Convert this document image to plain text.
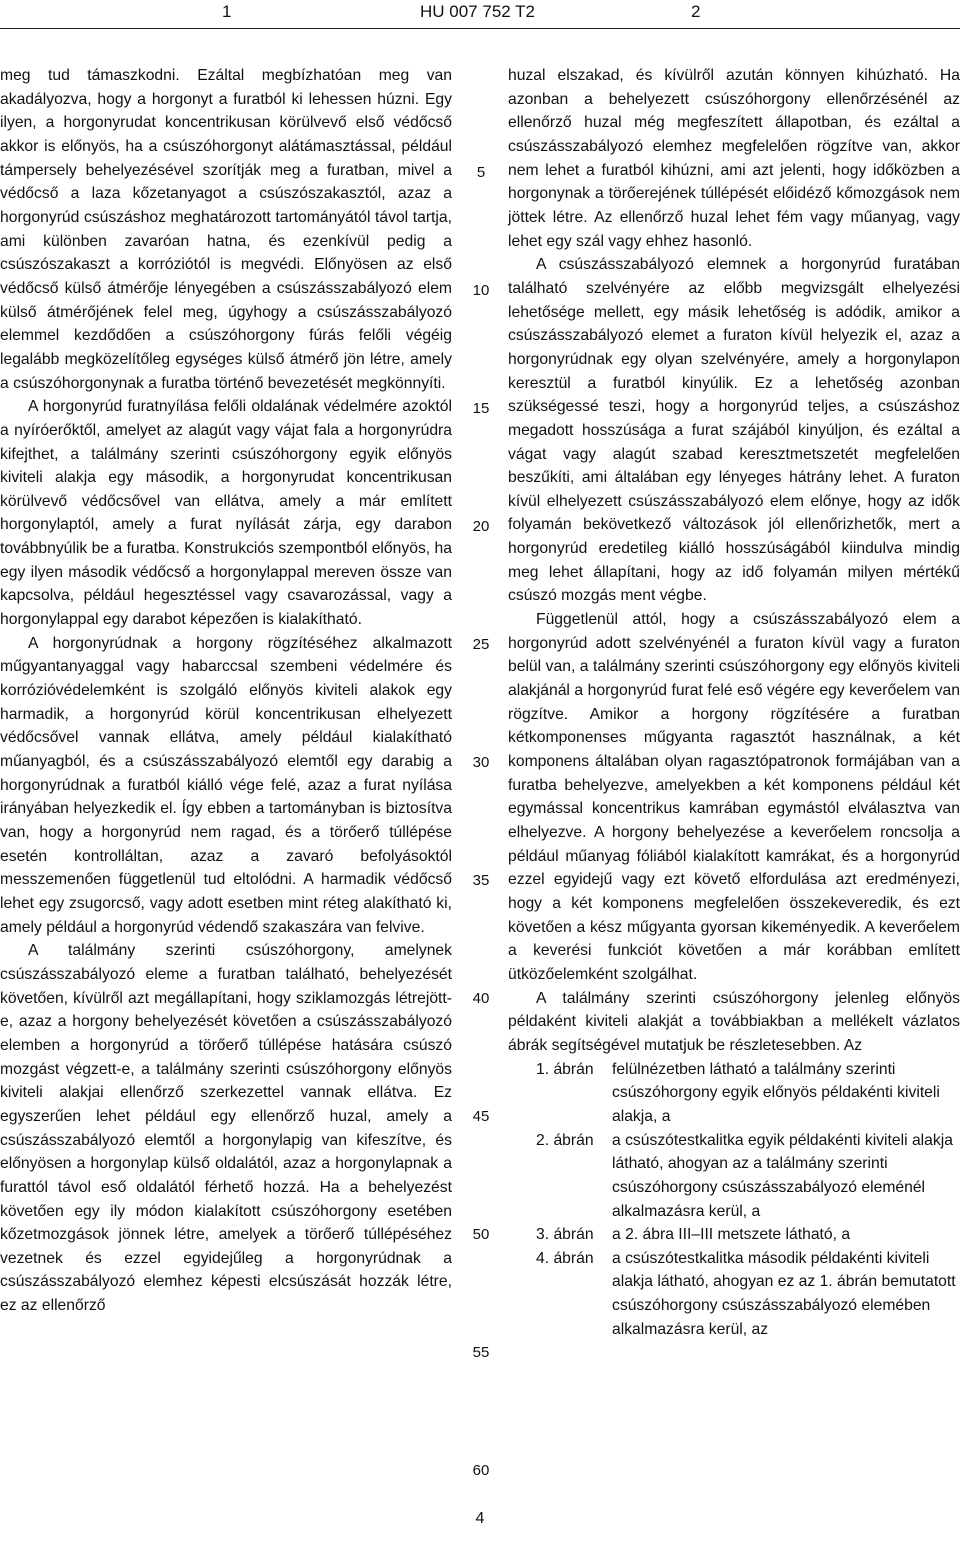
1	HU 007 752 T2	2

meg tud támaszkodni. Ezáltal megbízhatóan meg van akadályozva, hogy a horgonyt a furatból ki lehessen húzni. Egy ilyen, a horgonyrudat koncentrikusan körülvevő első védőcső akkor is előnyös, ha a csúszóhorgonyt alátámasztással, például támpersely behelyezésével szorítják meg a furatban, mivel a védőcső a laza kőzetanyagot a csúszószakasztól, azaz a horgonyrúd csúszáshoz meghatározott tartományától távol tartja, ami különben zavaróan hatna, és ezenkívül pedig a csúszószakaszt a korróziótól is megvédi. Előnyösen az első védőcső külső átmérője lényegében a csúszásszabályozó elem külső átmérőjének felel meg, úgyhogy a csúszásszabályozó elemmel kezdődően a csúszóhorgony fúrás felőli végéig legalább megközelítőleg egységes külső átmérő jön létre, amely a csúszóhorgonynak a furatba történő bevezetését megkönnyíti.

A horgonyrúd furatnyílása felőli oldalának védelmére azoktól a nyíróerőktől, amelyet az alagút vagy vájat fala a horgonyrúdra kifejthet, a találmány szerinti csúszóhorgony egyik előnyös kiviteli alakja egy második, a horgonyrudat koncentrikusan körülvevő védőcsővel van ellátva, amely a már említett horgonylaptól, amely a furat nyílását zárja, egy darabon továbbnyúlik be a furatba. Konstrukciós szempontból előnyös, ha egy ilyen második védőcső a horgonylappal mereven össze van kapcsolva, például hegesztéssel vagy csavarozással, vagy a horgonylappal egy darabot képezően is kialakítható.

A horgonyrúdnak a horgony rögzítéséhez alkalmazott műgyantanyaggal vagy habarccsal szembeni védelmére és korrózióvédelemként is szolgáló előnyös kiviteli alakok egy harmadik, a horgonyrúd körül koncentrikusan elhelyezett védőcsővel vannak ellátva, amely például kialakítható műanyagból, és a csúszásszabályozó elemtől egy darabig a horgonyrúdnak a furatból kiálló vége felé, azaz a furat nyílása irányában helyezkedik el. Így ebben a tartományban is biztosítva van, hogy a horgonyrúd nem ragad, és a törőerő túllépése esetén kontrolláltan, azaz a zavaró befolyásoktól messzemenően függetlenül tud eltolódni. A harmadik védőcső lehet egy zsugorcső, vagy adott esetben mint réteg alakítható ki, amely például a horgonyrúd védendő szakaszára van felvive.

A találmány szerinti csúszóhorgony, amelynek csúszásszabályozó eleme a furatban található, behelyezését követően, kívülről azt megállapítani, hogy sziklamozgás létrejött-e, azaz a horgony behelyezését követően a csúszásszabályozó elemben a horgonyrúd a törőerő túllépése hatására csúszó mozgást végzett-e, a találmány szerinti csúszóhorgony előnyös kiviteli alakjai ellenőrző szerkezettel vannak ellátva. Ez egyszerűen lehet például egy ellenőrző huzal, amely a csúszásszabályozó elemtől a horgonylapig van kifeszítve, és előnyösen a horgonylap külső oldalától, azaz a horgonylapnak a furattól távol eső oldalától férhető hozzá. Ha a behelyezést követően egy ily módon kialakított csúszóhorgony esetében kőzetmozgások jönnek létre, amelyek a törőerő túllépéséhez vezetnek és ezzel egyidejűleg a horgonyrúdnak a csúszásszabályozó elemhez képesti elcsúszását hozzák létre, ez az ellenőrző

huzal elszakad, és kívülről azután könnyen kihúzható. Ha azonban a behelyezett csúszóhorgony ellenőrzésénél az ellenőrző huzal még megfeszített állapotban, és ezáltal a csúszásszabályozó elemhez megfelelően rögzítve van, akkor nem lehet a furatból kihúzni, ami azt jelenti, hogy időközben a horgonynak a törőerejének túllépését előidéző kőmozgások nem jöttek létre. Az ellenőrző huzal lehet fém vagy műanyag, vagy lehet egy szál vagy ehhez hasonló.

A csúszásszabályozó elemnek a horgonyrúd furatában található szelvényére az előbb megvizsgált elhelyezési lehetősége mellett, egy másik lehetőség is adódik, amikor a csúszásszabályozó elemet a furaton kívül helyezik el, azaz a horgonyrúdnak egy olyan szelvényére, amely a horgonylapon keresztül a furatból kinyúlik. Ez a lehetőség azonban szükségessé teszi, hogy a horgonyrúd teljes, a csúszáshoz megadott hosszúsága a furat szájából kinyúljon, és ezáltal a vágat vagy alagút szabad keresztmetszetét megfelelően beszűkíti, ami általában egy lényeges hátrány lehet. A furaton kívül elhelyezett csúszásszabályozó elem előnye, hogy az idők folyamán bekövetkező változások jól ellenőrizhetők, mert a horgonyrúd eredetileg kiálló hosszúságából kiindulva mindig meg lehet állapítani, hogy az idő folyamán milyen mértékű csúszó mozgás ment végbe.

Függetlenül attól, hogy a csúszásszabályozó elem a horgonyrúd adott szelvényénél a furaton kívül vagy a furaton belül van, a találmány szerinti csúszóhorgony egy előnyös kiviteli alakjánál a horgonyrúd furat felé eső végére egy keverőelem van rögzítve. Amikor a horgony rögzítésére a furatban kétkomponenses műgyanta ragasztót használnak, a két komponens általában olyan ragasztópatronok formájában van a furatba behelyezve, amelyekben a két komponens például két egymással koncentrikus kamrában egymástól elválasztva van elhelyezve. A horgony behelyezése a keverőelem roncsolja a például műanyag fóliából kialakított kamrákat, és a horgonyrúd ezzel egyidejű vagy ezt követő elfordulása azt eredményezi, hogy a két komponens megfelelően összekeveredik, és ezt követően a kész műgyanta gyorsan kikeményedik. A keverőelem a keverési funkciót követően a már korábban említett ütközőelemként szolgálhat.

A találmány szerinti csúszóhorgony jelenleg előnyös példaként kiviteli alakját a továbbiakban a mellékelt vázlatos ábrák segítségével mutatjuk be részletesebben. Az

1. ábrán felülnézetben látható a találmány szerinti csúszóhorgony egyik előnyös példakénti kiviteli alakja, a
2. ábrán a csúszótestkalitka egyik példakénti kiviteli alakja látható, ahogyan az a találmány szerinti csúszóhorgony csúszásszabályozó eleménél alkalmazásra kerül, a
3. ábrán a 2. ábra III–III metszete látható, a
4. ábrán a csúszótestkalitka második példakénti kiviteli alakja látható, ahogyan ez az 1. ábrán bemutatott csúszóhorgony csúszásszabályozó elemében alkalmazásra kerül, az
5
10
15
20
25
30
35
40
45
50
55
60
4
